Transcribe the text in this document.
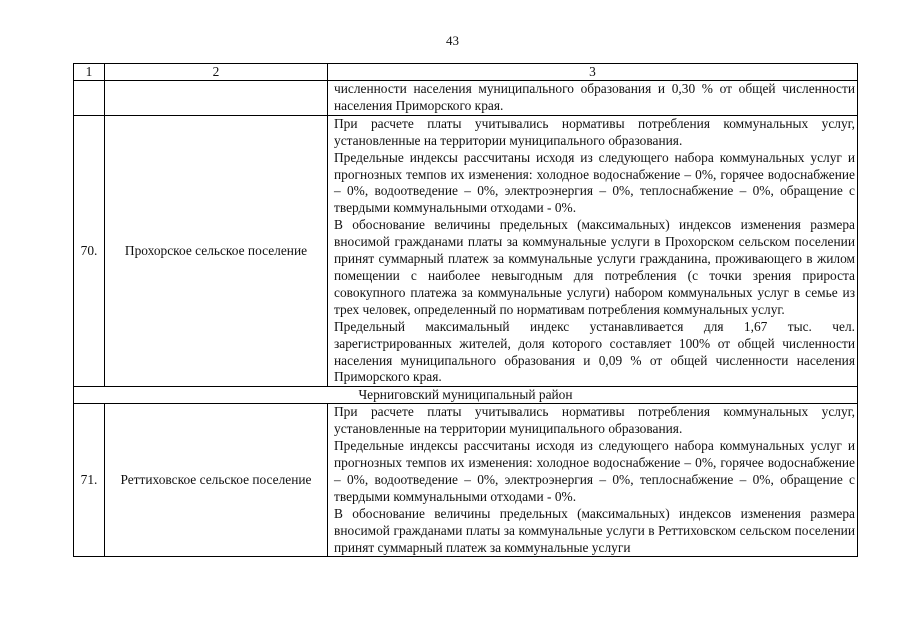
43
1	2	3

		численности населения муниципального образования и 0,30 % от общей численности населения Приморского края.

70.	Прохорское сельское поселение	При расчете платы учитывались нормативы потребления коммунальных услуг, установленные на территории муниципального образования.

Предельные индексы рассчитаны исходя из следующего набора коммунальных услуг и прогнозных темпов их изменения: холодное водоснабжение – 0%, горячее водоснабжение – 0%, водоотведение – 0%, электроэнергия – 0%, теплоснабжение – 0%, обращение с твердыми коммунальными отходами - 0%.

В обоснование величины предельных (максимальных) индексов изменения размера вносимой гражданами платы за коммунальные услуги в Прохорском сельском поселении принят суммарный платеж за коммунальные услуги гражданина, проживающего в жилом помещении с наиболее невыгодным для потребления (с точки зрения прироста совокупного платежа за коммунальные услуги) набором коммунальных услуг в семье из трех человек, определенный по нормативам потребления коммунальных услуг.

Предельный максимальный индекс устанавливается для 1,67 тыс. чел. зарегистрированных жителей, доля которого составляет 100% от общей численности населения муниципального образования и 0,09 % от общей численности населения Приморского края.

Черниговский муниципальный район		
71.	Реттиховское сельское поселение	При расчете платы учитывались нормативы потребления коммунальных услуг, установленные на территории муниципального образования.

Предельные индексы рассчитаны исходя из следующего набора коммунальных услуг и прогнозных темпов их изменения: холодное водоснабжение – 0%, горячее водоснабжение – 0%, водоотведение – 0%, электроэнергия – 0%, теплоснабжение – 0%, обращение с твердыми коммунальными отходами - 0%.

В обоснование величины предельных (максимальных) индексов изменения размера вносимой гражданами платы за коммунальные услуги в Реттиховском сельском поселении принят суммарный платеж за коммунальные услуги
